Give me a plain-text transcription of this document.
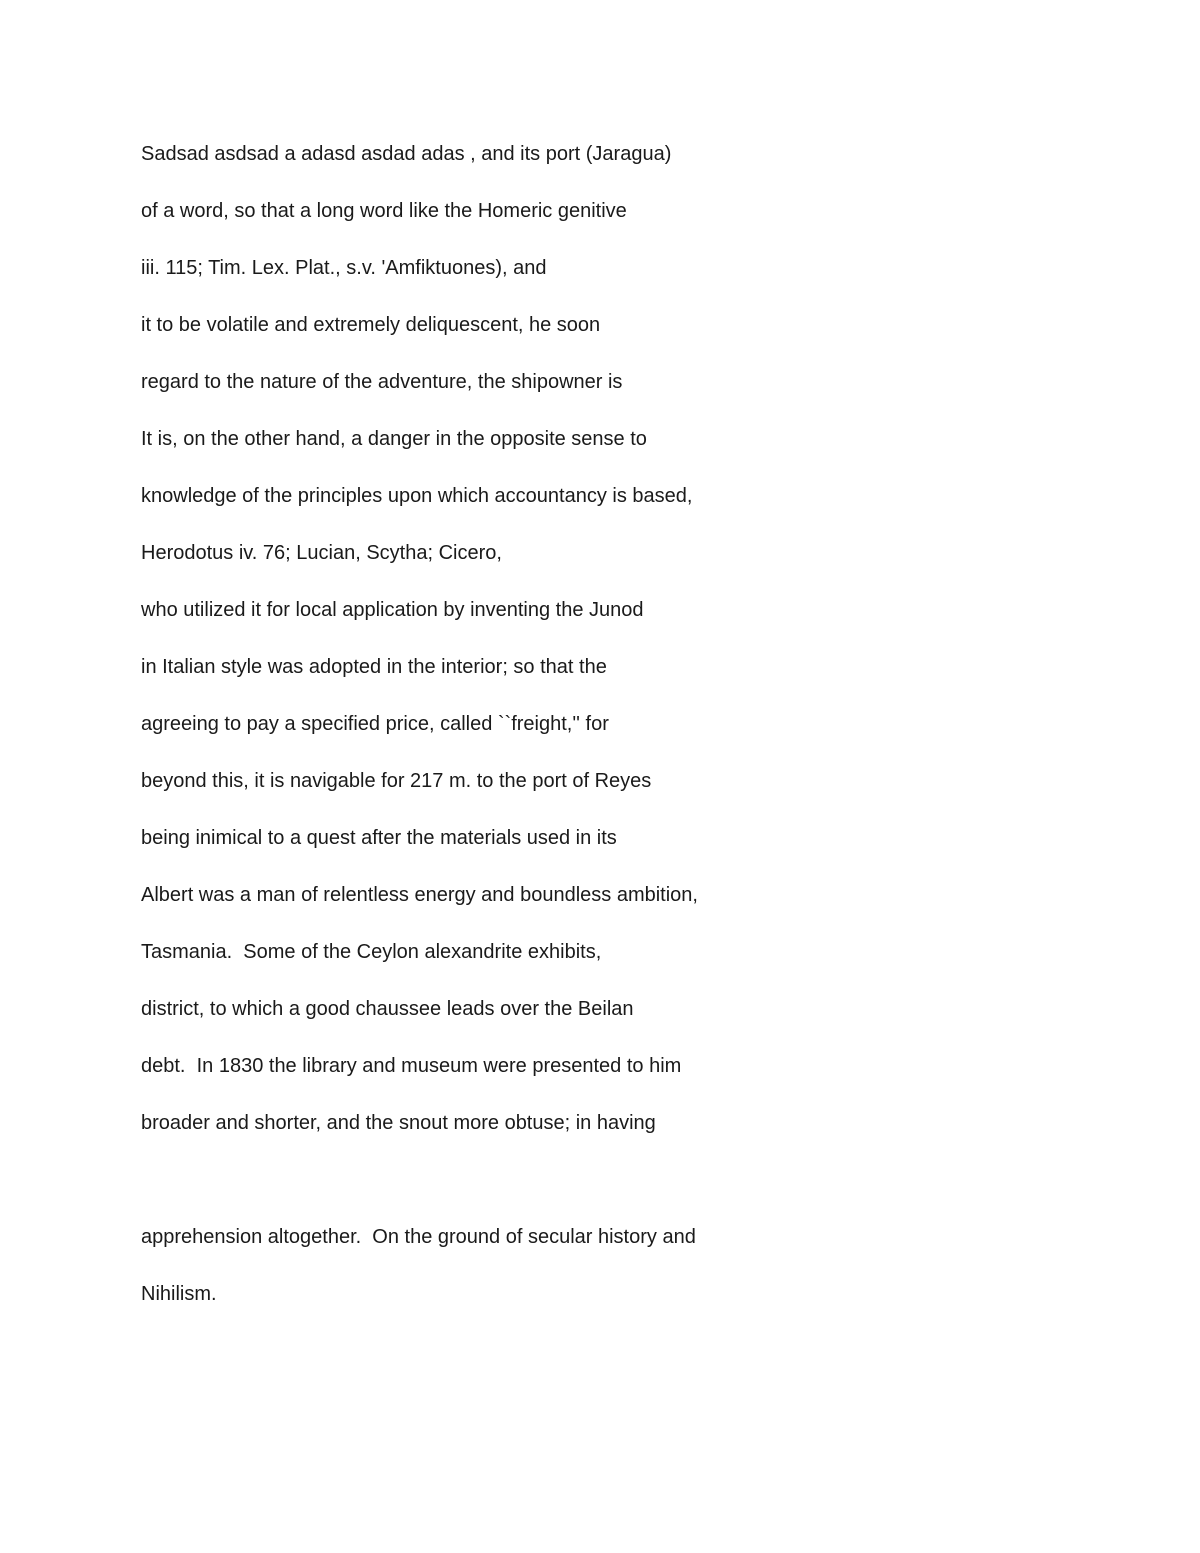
Sadsad asdsad a adasd asdad adas , and its port (Jaragua)
of a word, so that a long word like the Homeric genitive
iii. 115; Tim. Lex. Plat., s.v. 'Amfiktuones), and
it to be volatile and extremely deliquescent, he soon
regard to the nature of the adventure, the shipowner is
It is, on the other hand, a danger in the opposite sense to
knowledge of the principles upon which accountancy is based,
Herodotus iv. 76; Lucian, Scytha; Cicero,
who utilized it for local application by inventing the Junod
in Italian style was adopted in the interior; so that the
agreeing to pay a specified price, called ``freight,'' for
beyond this, it is navigable for 217 m. to the port of Reyes
being inimical to a quest after the materials used in its
Albert was a man of relentless energy and boundless ambition,
Tasmania.  Some of the Ceylon alexandrite exhibits,
district, to which a good chaussee leads over the Beilan
debt.  In 1830 the library and museum were presented to him
broader and shorter, and the snout more obtuse; in having
apprehension altogether.  On the ground of secular history and
Nihilism.
